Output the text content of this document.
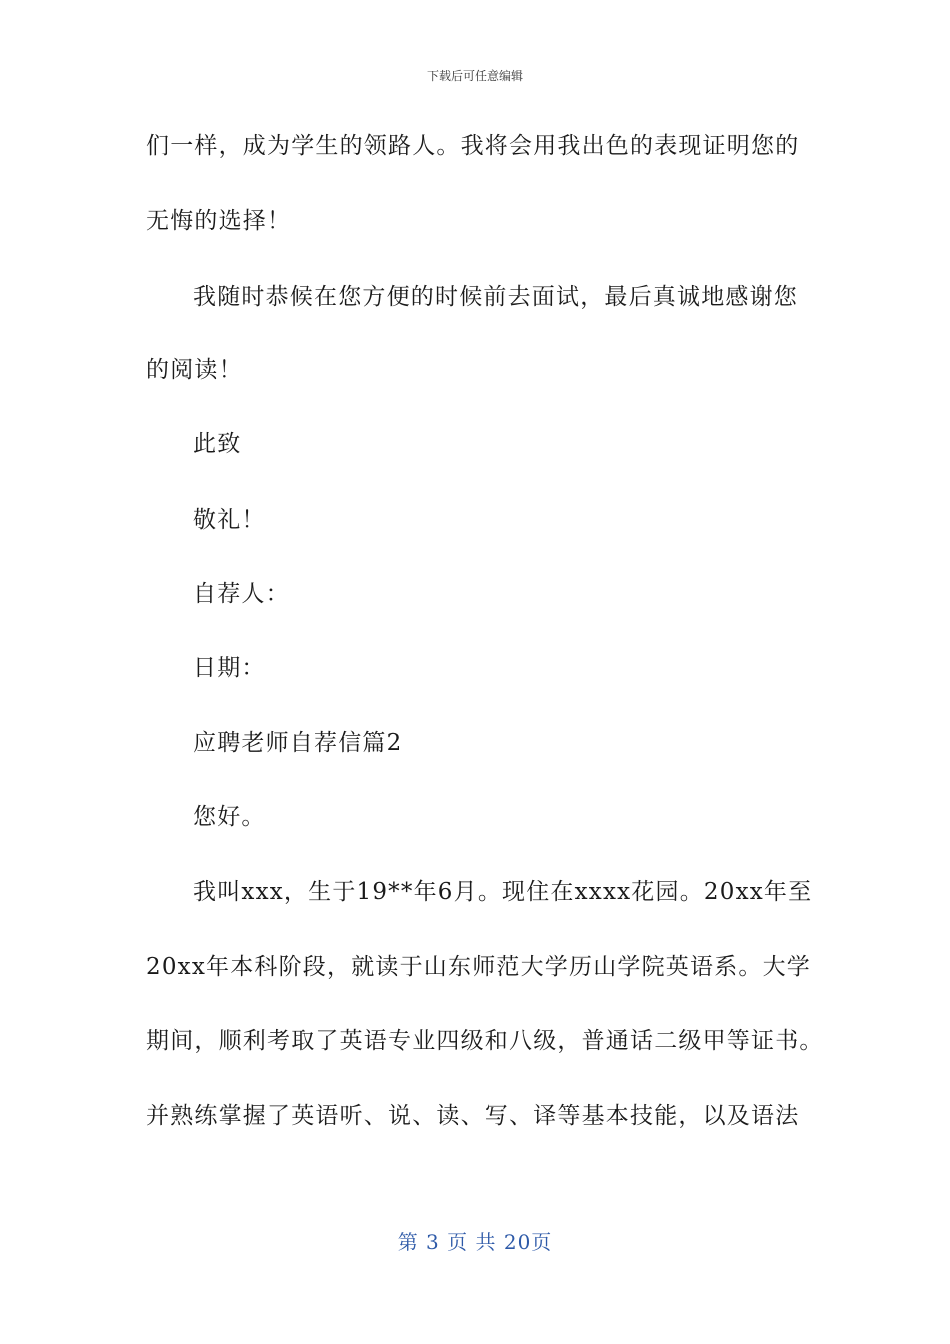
下载后可任意编辑
们一样，成为学生的领路人。我将会用我出色的表现证明您的
无悔的选择！
我随时恭候在您方便的时候前去面试，最后真诚地感谢您
的阅读！
此致
敬礼！
自荐人：
日期：
应聘老师自荐信篇2
您好。
我叫xxx，生于19**年6月。现住在xxxx花园。20xx年至
20xx年本科阶段，就读于山东师范大学历山学院英语系。大学
期间，顺利考取了英语专业四级和八级，普通话二级甲等证书。
并熟练掌握了英语听、说、读、写、译等基本技能，以及语法
第 3 页 共 20页
